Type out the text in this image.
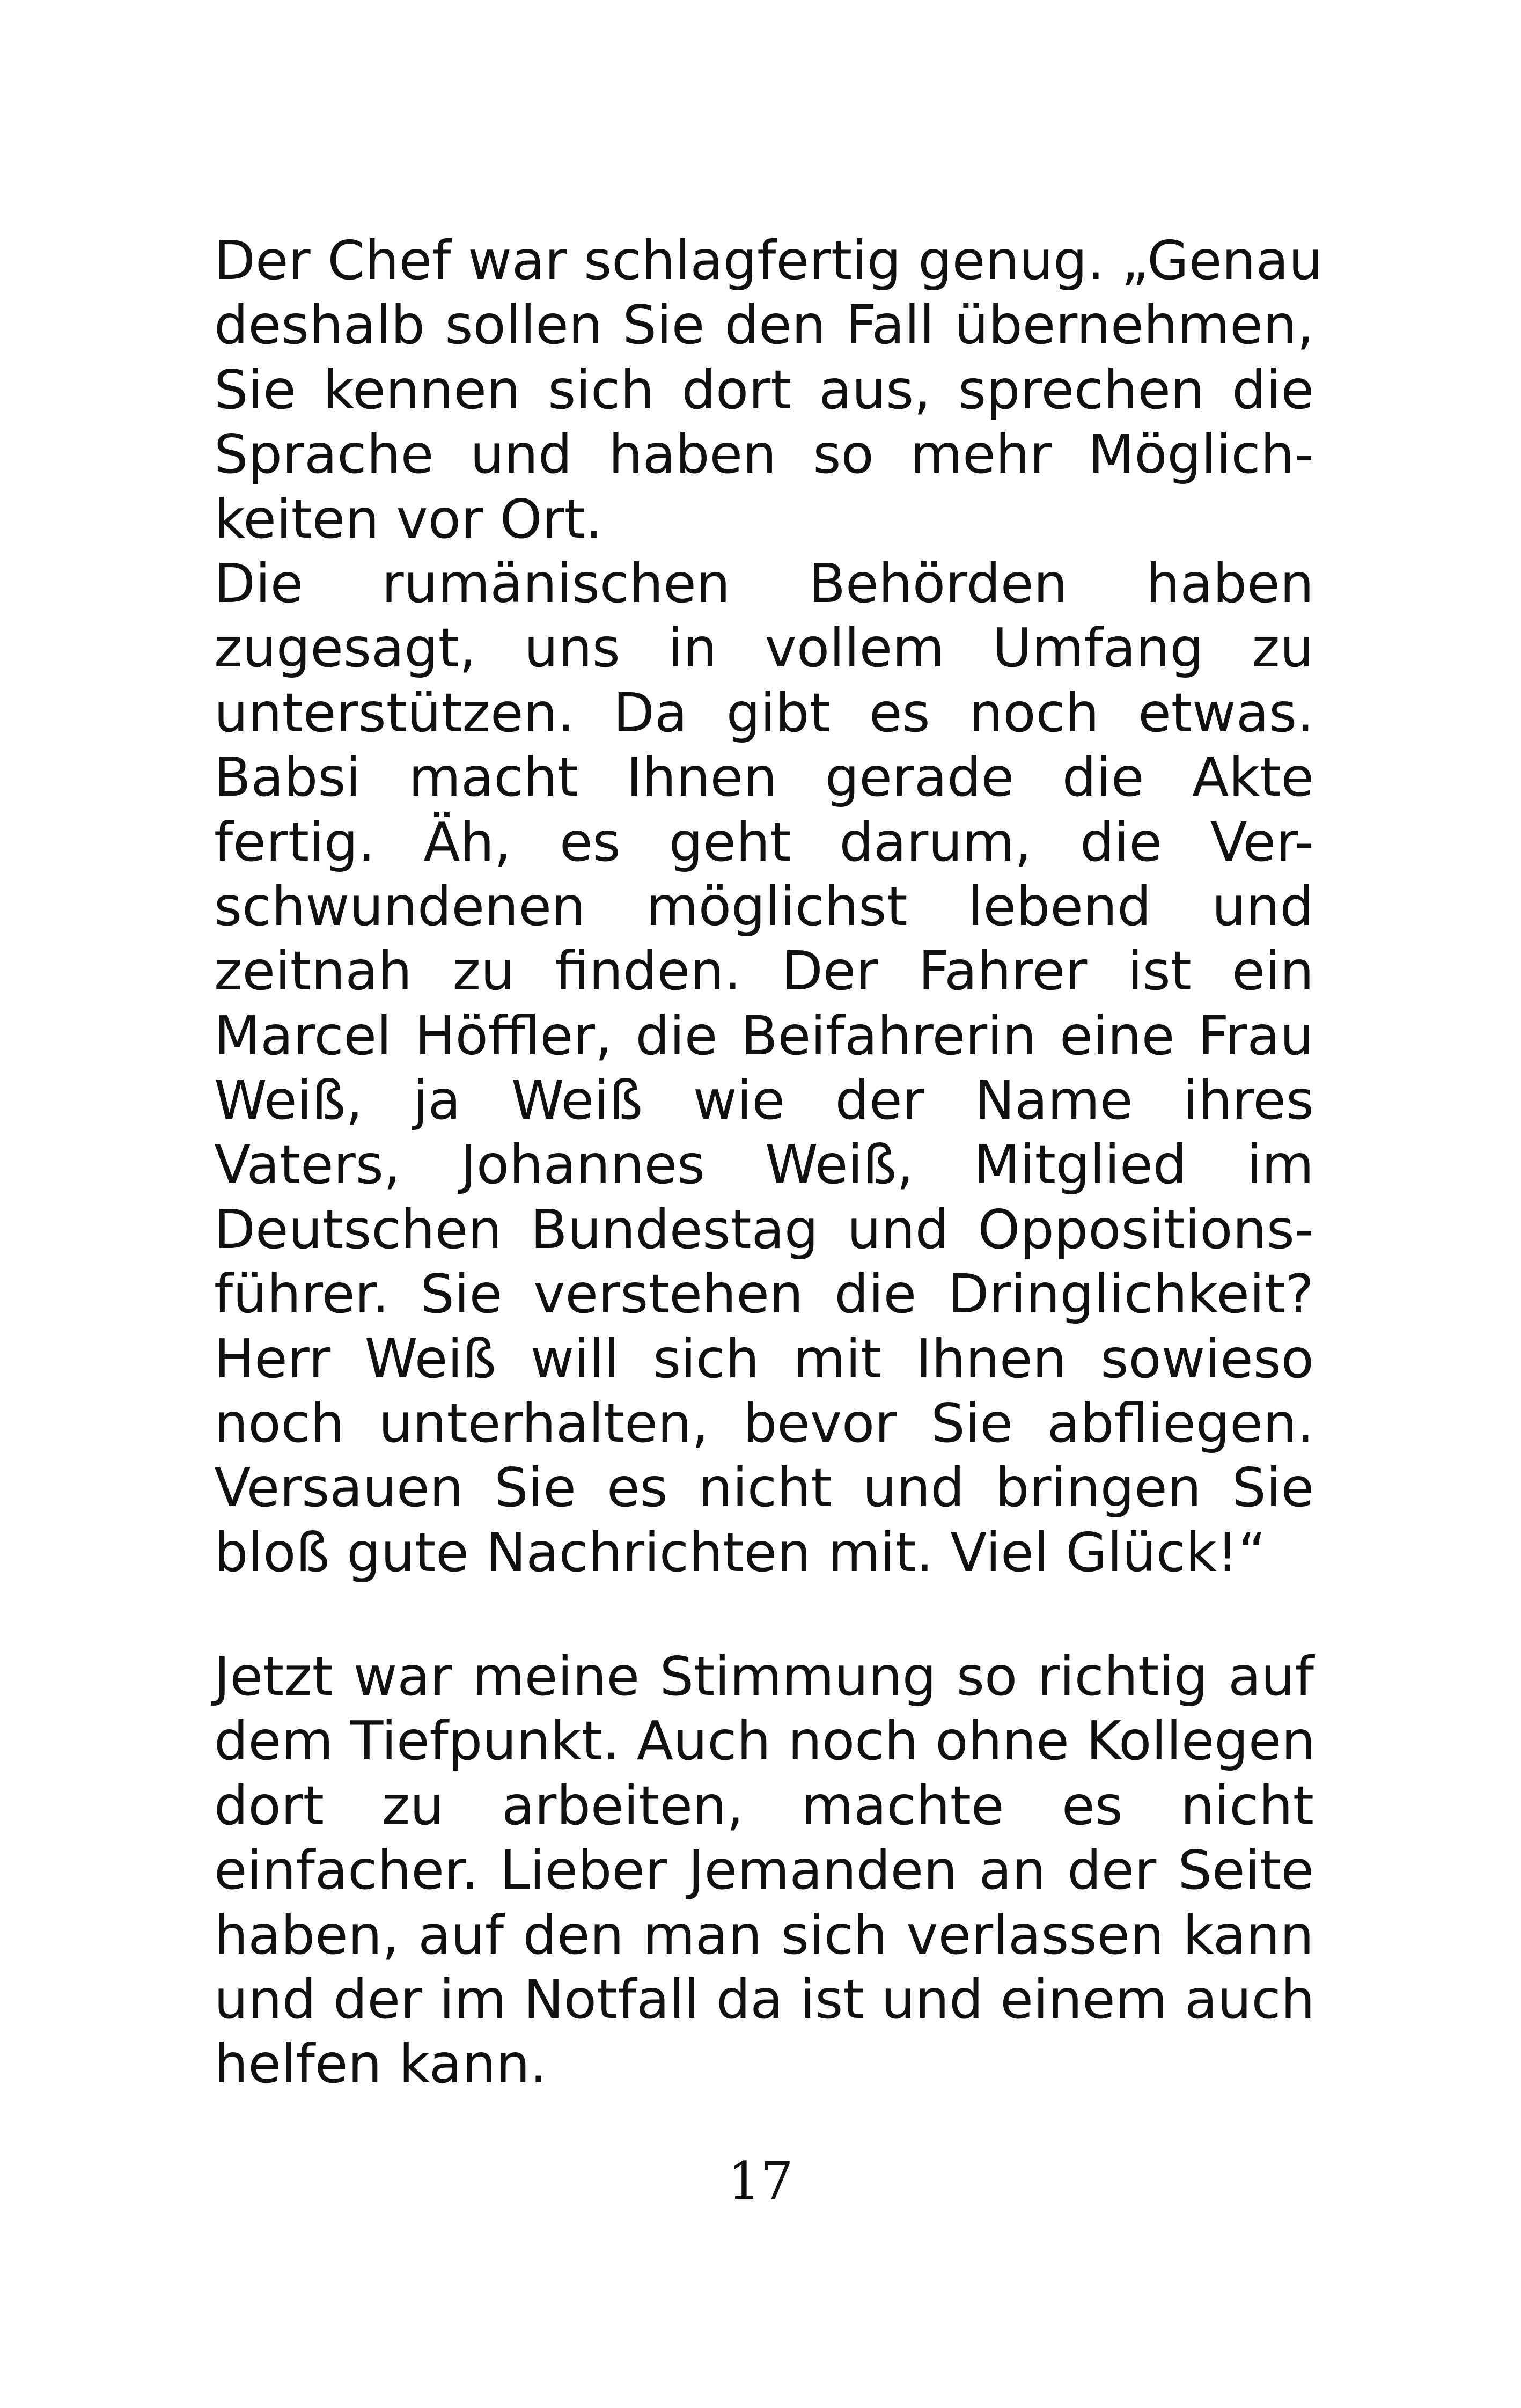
Der Chef war schlagfertig genug. „Genau
deshalb sollen Sie den Fall übernehmen,
Sie kennen sich dort aus, sprechen die
Sprache und haben so mehr Möglich-
keiten vor Ort.
Die rumänischen Behörden haben
zugesagt, uns in vollem Umfang zu
unterstützen. Da gibt es noch etwas.
Babsi macht Ihnen gerade die Akte
fertig. Äh, es geht darum, die Ver-
schwundenen möglichst lebend und
zeitnah zu finden. Der Fahrer ist ein
Marcel Höffler, die Beifahrerin eine Frau
Weiß, ja Weiß wie der Name ihres
Vaters, Johannes Weiß, Mitglied im
Deutschen Bundestag und Oppositions-
führer. Sie verstehen die Dringlichkeit?
Herr Weiß will sich mit Ihnen sowieso
noch unterhalten, bevor Sie abfliegen.
Versauen Sie es nicht und bringen Sie
bloß gute Nachrichten mit. Viel Glück!“
Jetzt war meine Stimmung so richtig auf
dem Tiefpunkt. Auch noch ohne Kollegen
dort zu arbeiten, machte es nicht
einfacher. Lieber Jemanden an der Seite
haben, auf den man sich verlassen kann
und der im Notfall da ist und einem auch
helfen kann.
17
